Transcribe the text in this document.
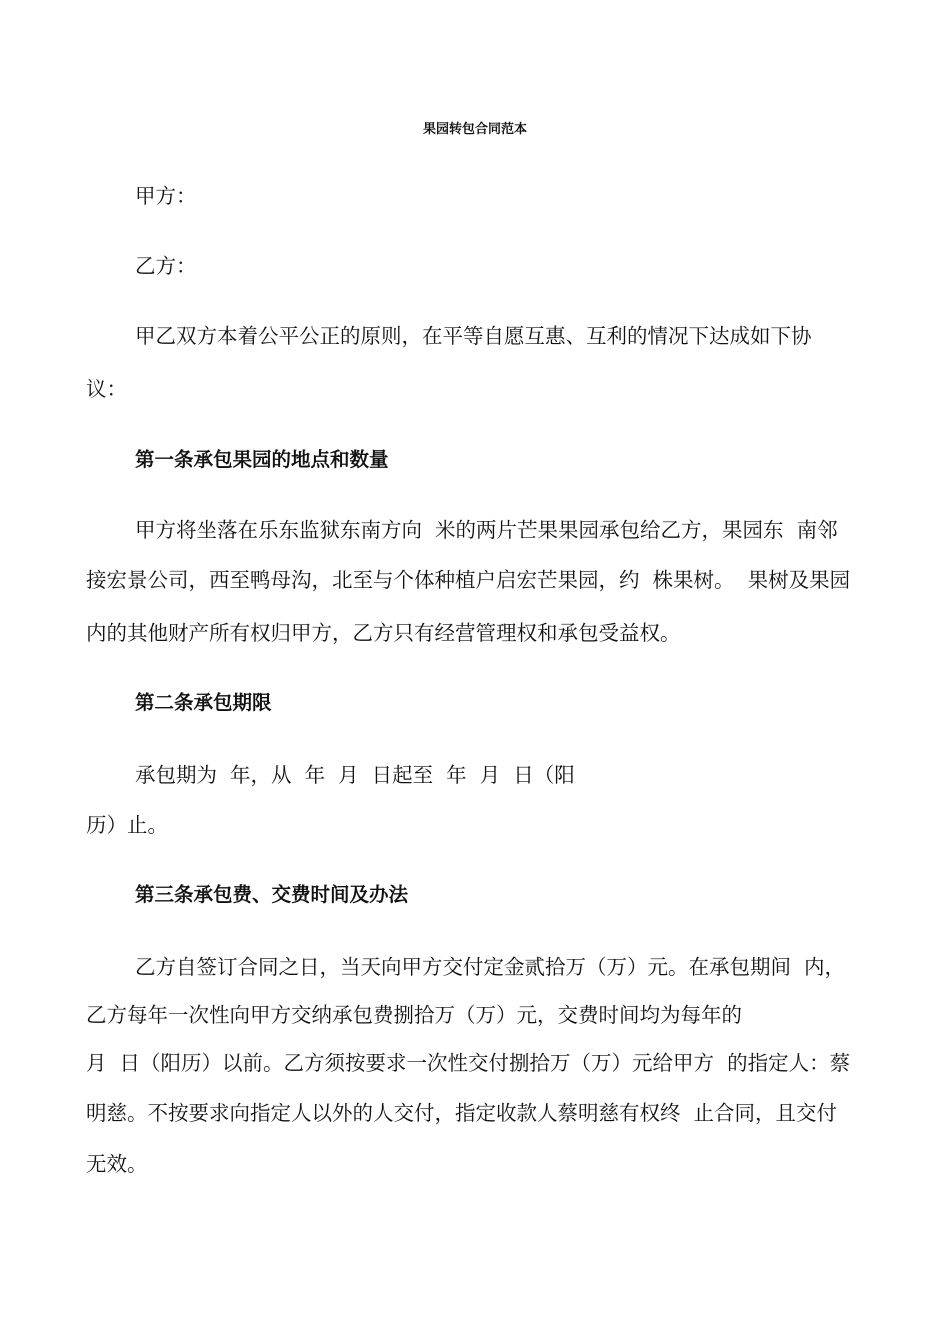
果园转包合同范本
甲方：
乙方：
甲乙双方本着公平公正的原则，在平等自愿互惠、互利的情况下达成如下协
议：
第一条承包果园的地点和数量
甲方将坐落在乐东监狱东南方向  米的两片芒果果园承包给乙方，果园东  南邻
接宏景公司，西至鸭母沟，北至与个体种植户启宏芒果园，约  株果树。  果树及果园
内的其他财产所有权归甲方，乙方只有经营管理权和承包受益权。
第二条承包期限
承包期为  年，从  年  月  日起至  年  月  日（阳
历）止。
第三条承包费、交费时间及办法
乙方自签订合同之日，当天向甲方交付定金贰拾万（万）元。在承包期间  内，
乙方每年一次性向甲方交纳承包费捌拾万（万）元，交费时间均为每年的
月  日（阳历）以前。乙方须按要求一次性交付捌拾万（万）元给甲方  的指定人：蔡
明慈。不按要求向指定人以外的人交付，指定收款人蔡明慈有权终  止合同，且交付
无效。
